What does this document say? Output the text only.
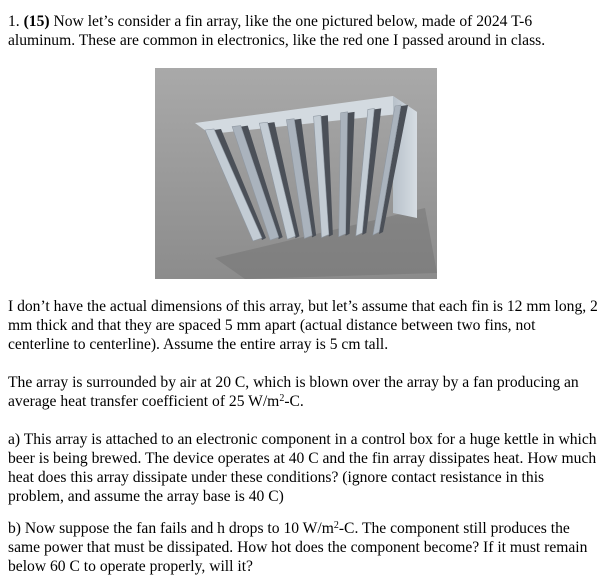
1. (15) Now let’s consider a fin array, like the one pictured below, made of 2024 T-6 aluminum. These are common in electronics, like the red one I passed around in class.

I don’t have the actual dimensions of this array, but let’s assume that each fin is 12 mm long, 2 mm thick and that they are spaced 5 mm apart (actual distance between two fins, not centerline to centerline). Assume the entire array is 5 cm tall.

The array is surrounded by air at 20 C, which is blown over the array by a fan producing an average heat transfer coefficient of 25 $W/m^2-C$.

a) This array is attached to an electronic component in a control box for a huge kettle in which beer is being brewed. The device operates at 40 C and the fin array dissipates heat. How much heat does this array dissipate under these conditions? (ignore contact resistance in this problem, and assume the array base is 40 C)

b) Now suppose the fan fails and h drops to 10 $W/m^2-C$. The component still produces the same power that must be dissipated. How hot does the component become? If it must remain below 60 C to operate properly, will it?
